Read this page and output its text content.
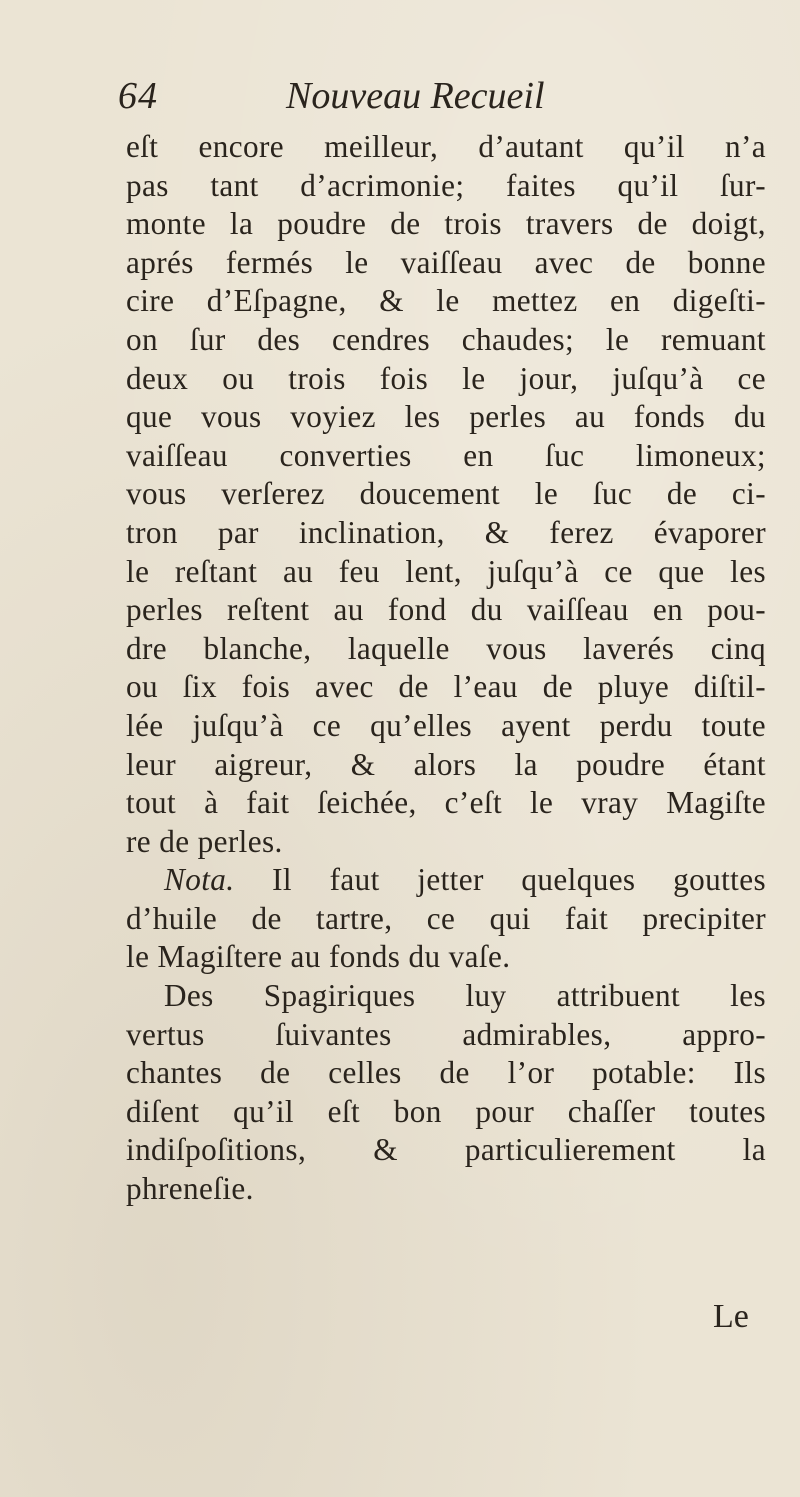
64	Nouveau Recueil
eſt encore meilleur, d’autant qu’il n’a
pas tant d’acrimonie; faites qu’il ſur-
monte la poudre de trois travers de doigt,
aprés fermés le vaiſſeau avec de bonne
cire d’Eſpagne, & le mettez en digeſti-
on ſur des cendres chaudes; le remuant
deux ou trois fois le jour, juſqu’à ce
que vous voyiez les perles au fonds du
vaiſſeau converties en ſuc limoneux;
vous verſerez doucement le ſuc de ci-
tron par inclination, & ferez évaporer
le reſtant au feu lent, juſqu’à ce que les
perles reſtent au fond du vaiſſeau en pou-
dre blanche, laquelle vous laverés cinq
ou ſix fois avec de l’eau de pluye diſtil-
lée juſqu’à ce qu’elles ayent perdu toute
leur aigreur, & alors la poudre étant
tout à fait ſeichée, c’eſt le vray Magiſte
re de perles.
Nota. Il faut jetter quelques gouttes
d’huile de tartre, ce qui fait precipiter
le Magiſtere au fonds du vaſe.
Des Spagiriques luy attribuent les
vertus ſuivantes admirables, appro-
chantes de celles de l’or potable: Ils
diſent qu’il eſt bon pour chaſſer toutes
indiſpoſitions, & particulierement la
phreneſie.
Le
